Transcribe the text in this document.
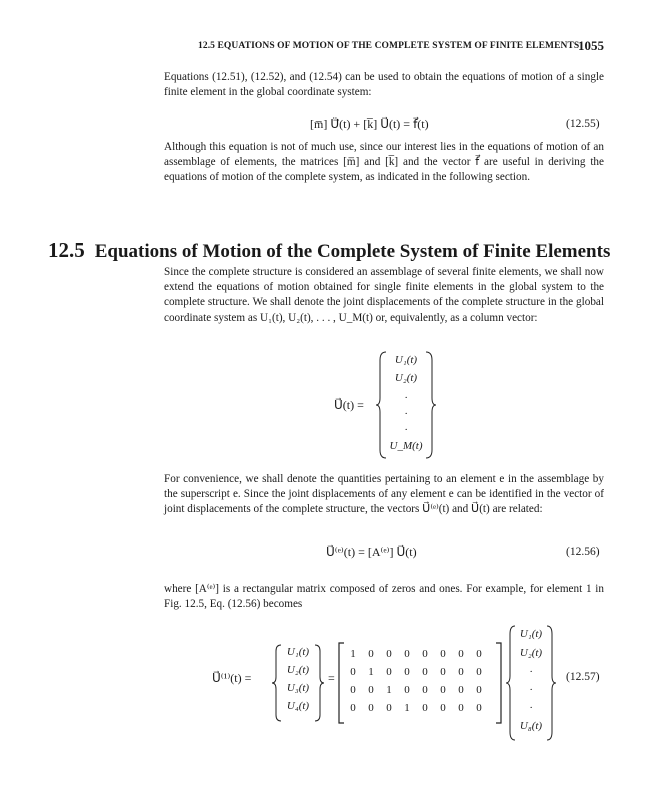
12.5 EQUATIONS OF MOTION OF THE COMPLETE SYSTEM OF FINITE ELEMENTS
1055

Equations (12.51), (12.52), and (12.54) can be used to obtain the equations of motion of a single finite element in the global coordinate system:

[m̅] Ü⃗(t) + [k̅] U⃗(t) = f⃗(t)	(12.55)

Although this equation is not of much use, since our interest lies in the equations of motion of an assemblage of elements, the matrices [m̅] and [k̅] and the vector f⃗ are useful in deriving the equations of motion of the complete system, as indicated in the following section.

12.5 Equations of Motion of the Complete System of Finite Elements

Since the complete structure is considered an assemblage of several finite elements, we shall now extend the equations of motion obtained for single finite elements in the global system to the complete structure. We shall denote the joint displacements of the complete structure in the global coordinate system as U₁(t), U₂(t), . . . , U_M(t) or, equivalently, as a column vector:

U⃗(t) =
U₁(t)
U₂(t)
·
·
·
U_M(t)

For convenience, we shall denote the quantities pertaining to an element e in the assemblage by the superscript e. Since the joint displacements of any element e can be identified in the vector of joint displacements of the complete structure, the vectors U⃗⁽ᵉ⁾(t) and U⃗(t) are related:

U⃗⁽ᵉ⁾(t) = [A⁽ᵉ⁾] U⃗(t)	(12.56)

where [A⁽ᵉ⁾] is a rectangular matrix composed of zeros and ones. For example, for element 1 in Fig. 12.5, Eq. (12.56) becomes

U⃗⁽¹⁾(t) =
U₁(t)
U₂(t)
U₃(t)
U₄(t)
=
1 0 0 0 0 0 0 0
0 1 0 0 0 0 0 0
0 0 1 0 0 0 0 0
0 0 0 1 0 0 0 0
U₁(t)
U₂(t)
·
·
·
U₈(t)
(12.57)
